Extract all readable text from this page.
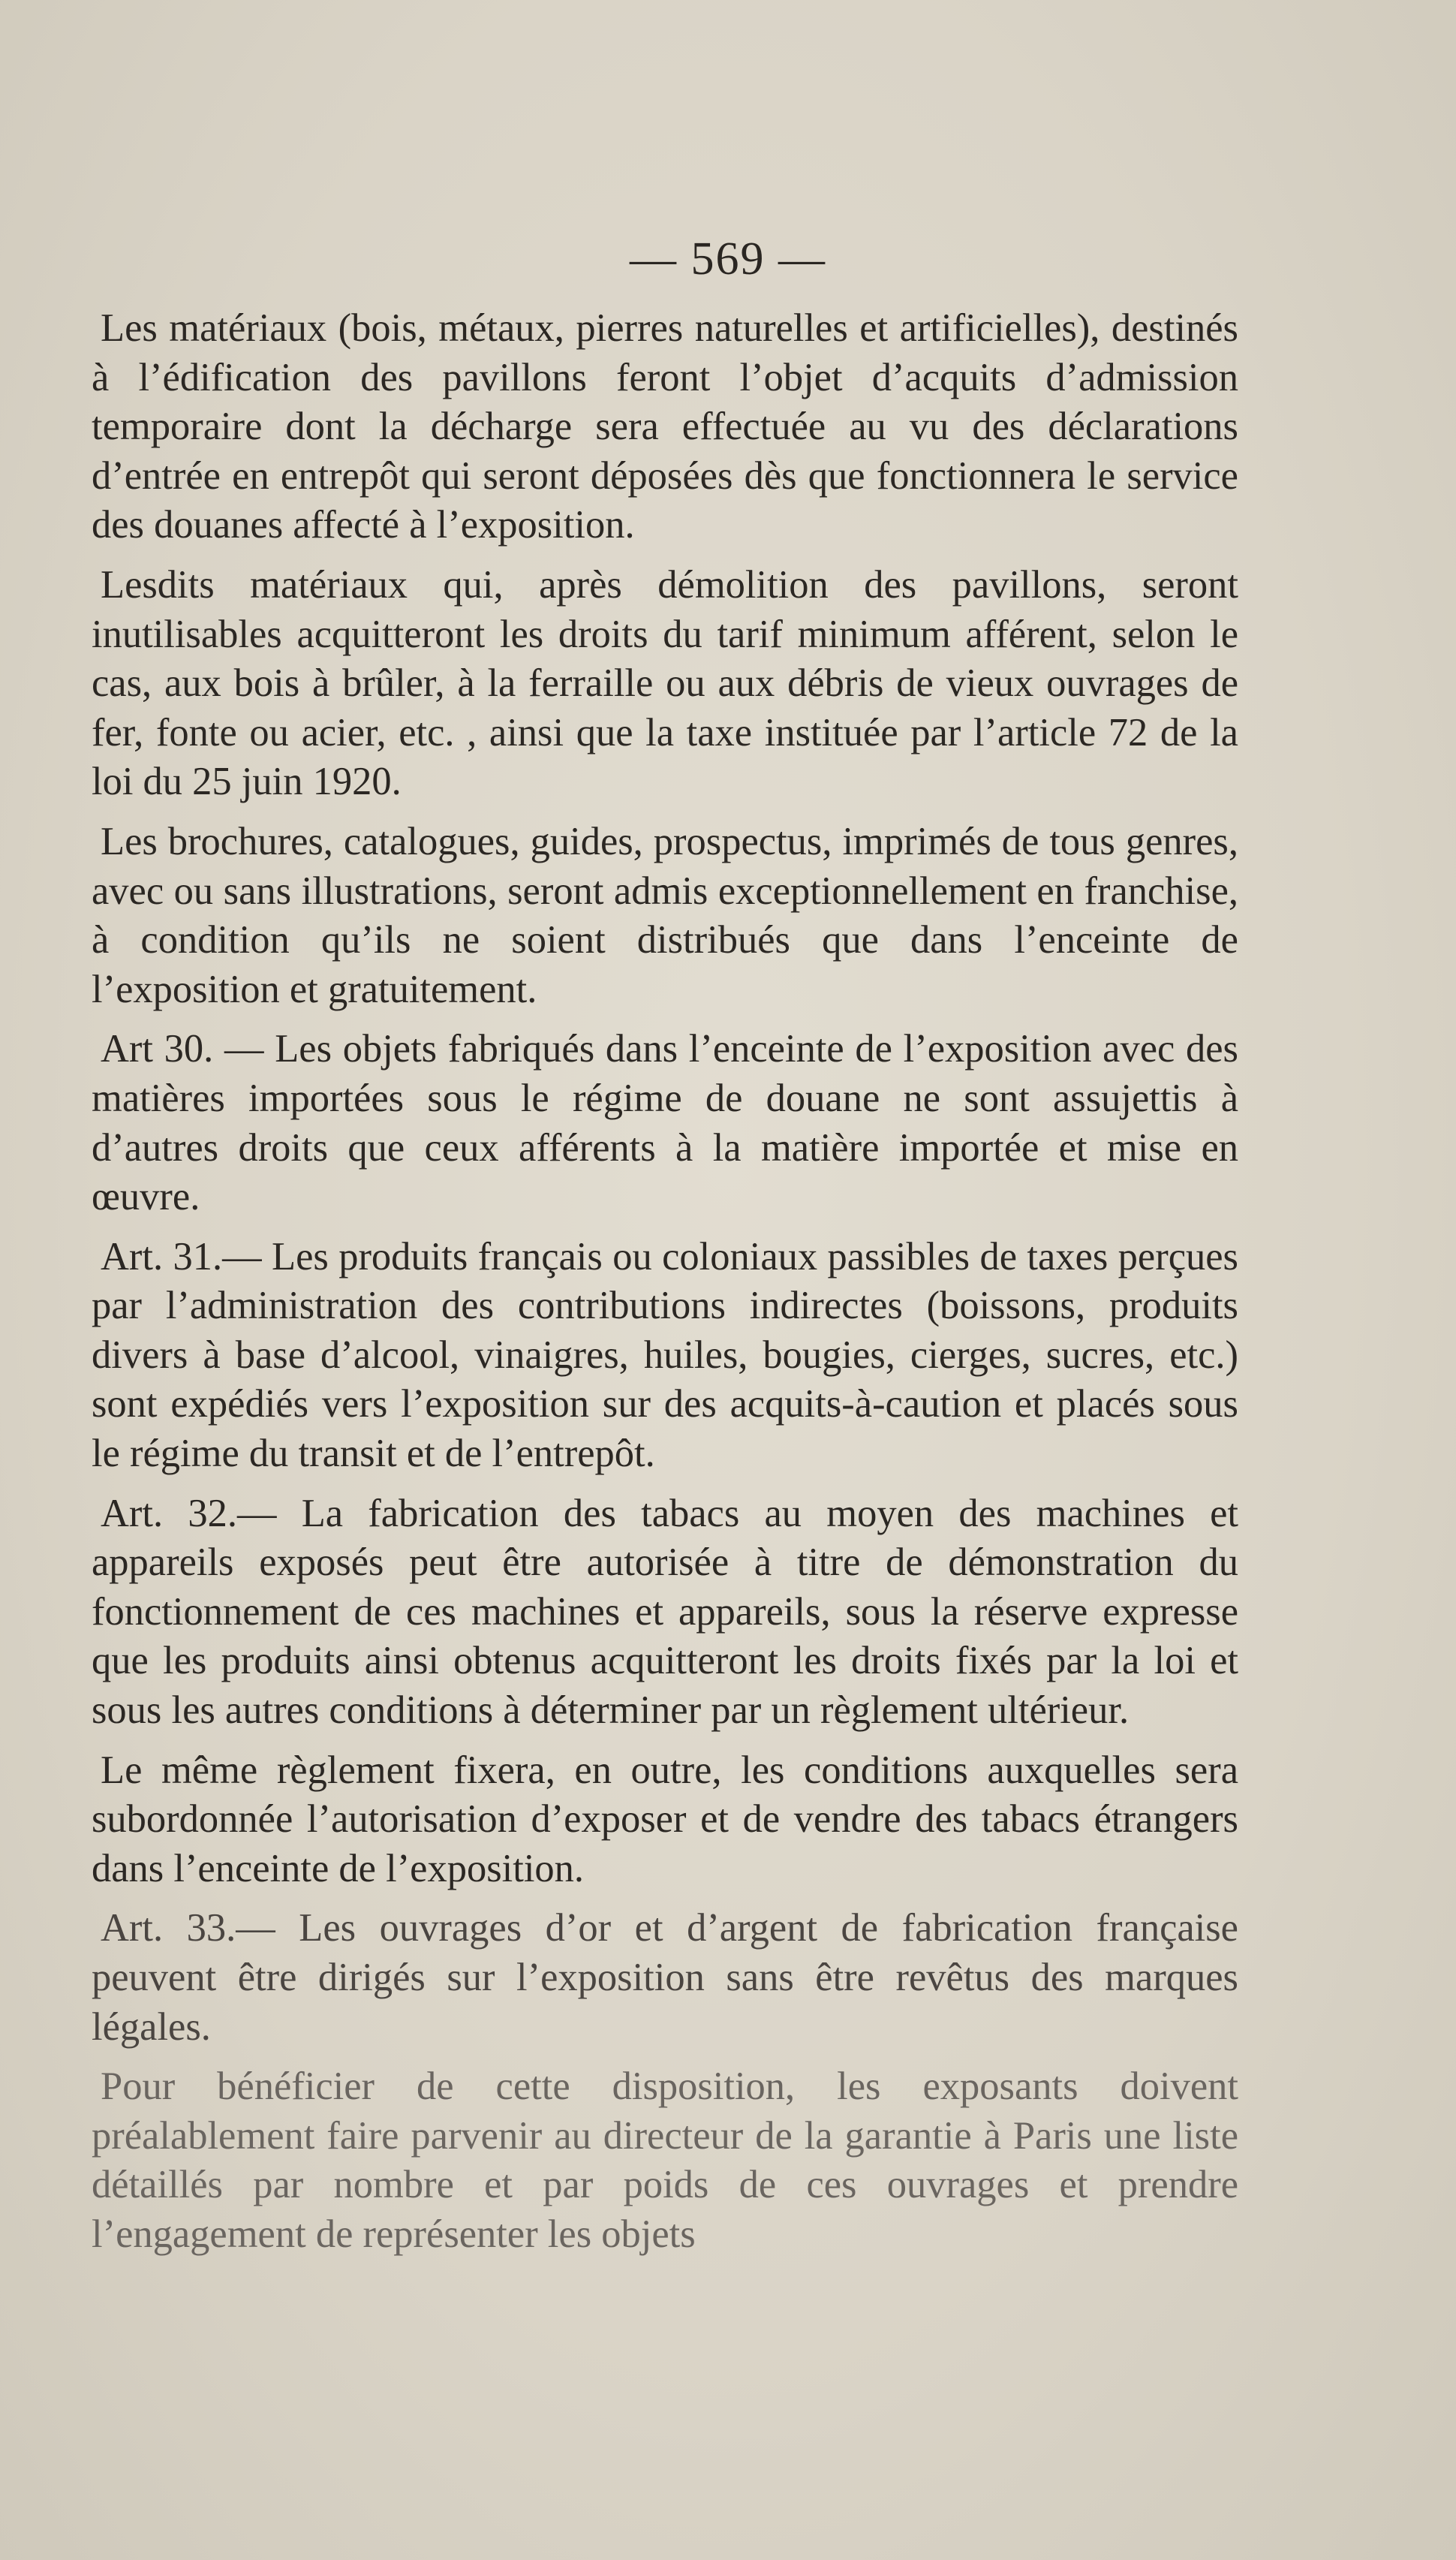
— 569 —

Les matériaux (bois, métaux, pierres naturelles et artificielles), destinés à l’édification des pavillons feront l’objet d’acquits d’admission temporaire dont la décharge sera effectuée au vu des déclarations d’entrée en entrepôt qui seront déposées dès que fonctionnera le service des douanes affecté à l’exposition.

Lesdits matériaux qui, après démolition des pavillons, seront inutilisables acquitteront les droits du tarif minimum afférent, selon le cas, aux bois à brûler, à la ferraille ou aux débris de vieux ouvrages de fer, fonte ou acier, etc. , ainsi que la taxe instituée par l’article 72 de la loi du 25 juin 1920.

Les brochures, catalogues, guides, prospectus, imprimés de tous genres, avec ou sans illustrations, seront admis exceptionnellement en franchise, à condition qu’ils ne soient distribués que dans l’enceinte de l’exposition et gratuitement.

Art 30. — Les objets fabriqués dans l’enceinte de l’exposition avec des matières importées sous le régime de douane ne sont assujettis à d’autres droits que ceux afférents à la matière importée et mise en œuvre.

Art. 31.— Les produits français ou coloniaux passibles de taxes perçues par l’administration des contributions indirectes (boissons, produits divers à base d’alcool, vinaigres, huiles, bougies, cierges, sucres, etc.) sont expédiés vers l’exposition sur des acquits-à-caution et placés sous le régime du transit et de l’entrepôt.

Art. 32.— La fabrication des tabacs au moyen des machines et appareils exposés peut être autorisée à titre de démonstration du fonctionnement de ces machines et appareils, sous la réserve expresse que les produits ainsi obtenus acquitteront les droits fixés par la loi et sous les autres conditions à déterminer par un règlement ultérieur.

Le même règlement fixera, en outre, les conditions auxquelles sera subordonnée l’autorisation d’exposer et de vendre des tabacs étrangers dans l’enceinte de l’exposition.

Art. 33.— Les ouvrages d’or et d’argent de fabrication française peuvent être dirigés sur l’exposition sans être revêtus des marques légales.

Pour bénéficier de cette disposition, les exposants doivent préalablement faire parvenir au directeur de la garantie à Paris une liste détaillés par nombre et par poids de ces ouvrages et prendre l’engagement de représenter les objets
